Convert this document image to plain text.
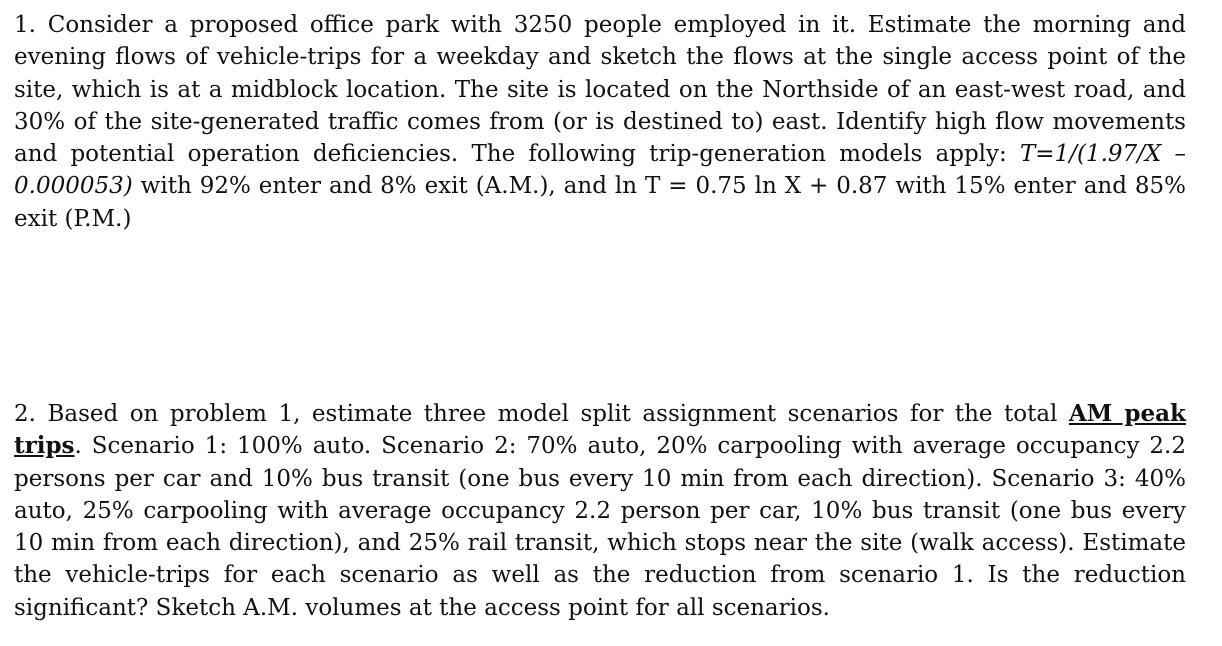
1. Consider a proposed office park with 3250 people employed in it. Estimate the morning and evening flows of vehicle-trips for a weekday and sketch the flows at the single access point of the site, which is at a midblock location. The site is located on the Northside of an east-west road, and 30% of the site-generated traffic comes from (or is destined to) east. Identify high flow movements and potential operation deficiencies. The following trip-generation models apply: T=1/(1.97/X – 0.000053) with 92% enter and 8% exit (A.M.), and ln T = 0.75 ln X + 0.87 with 15% enter and 85% exit (P.M.)

2. Based on problem 1, estimate three model split assignment scenarios for the total AM peak trips. Scenario 1: 100% auto. Scenario 2: 70% auto, 20% carpooling with average occupancy 2.2 persons per car and 10% bus transit (one bus every 10 min from each direction). Scenario 3: 40% auto, 25% carpooling with average occupancy 2.2 person per car, 10% bus transit (one bus every 10 min from each direction), and 25% rail transit, which stops near the site (walk access). Estimate the vehicle-trips for each scenario as well as the reduction from scenario 1. Is the reduction significant? Sketch A.M. volumes at the access point for all scenarios.
